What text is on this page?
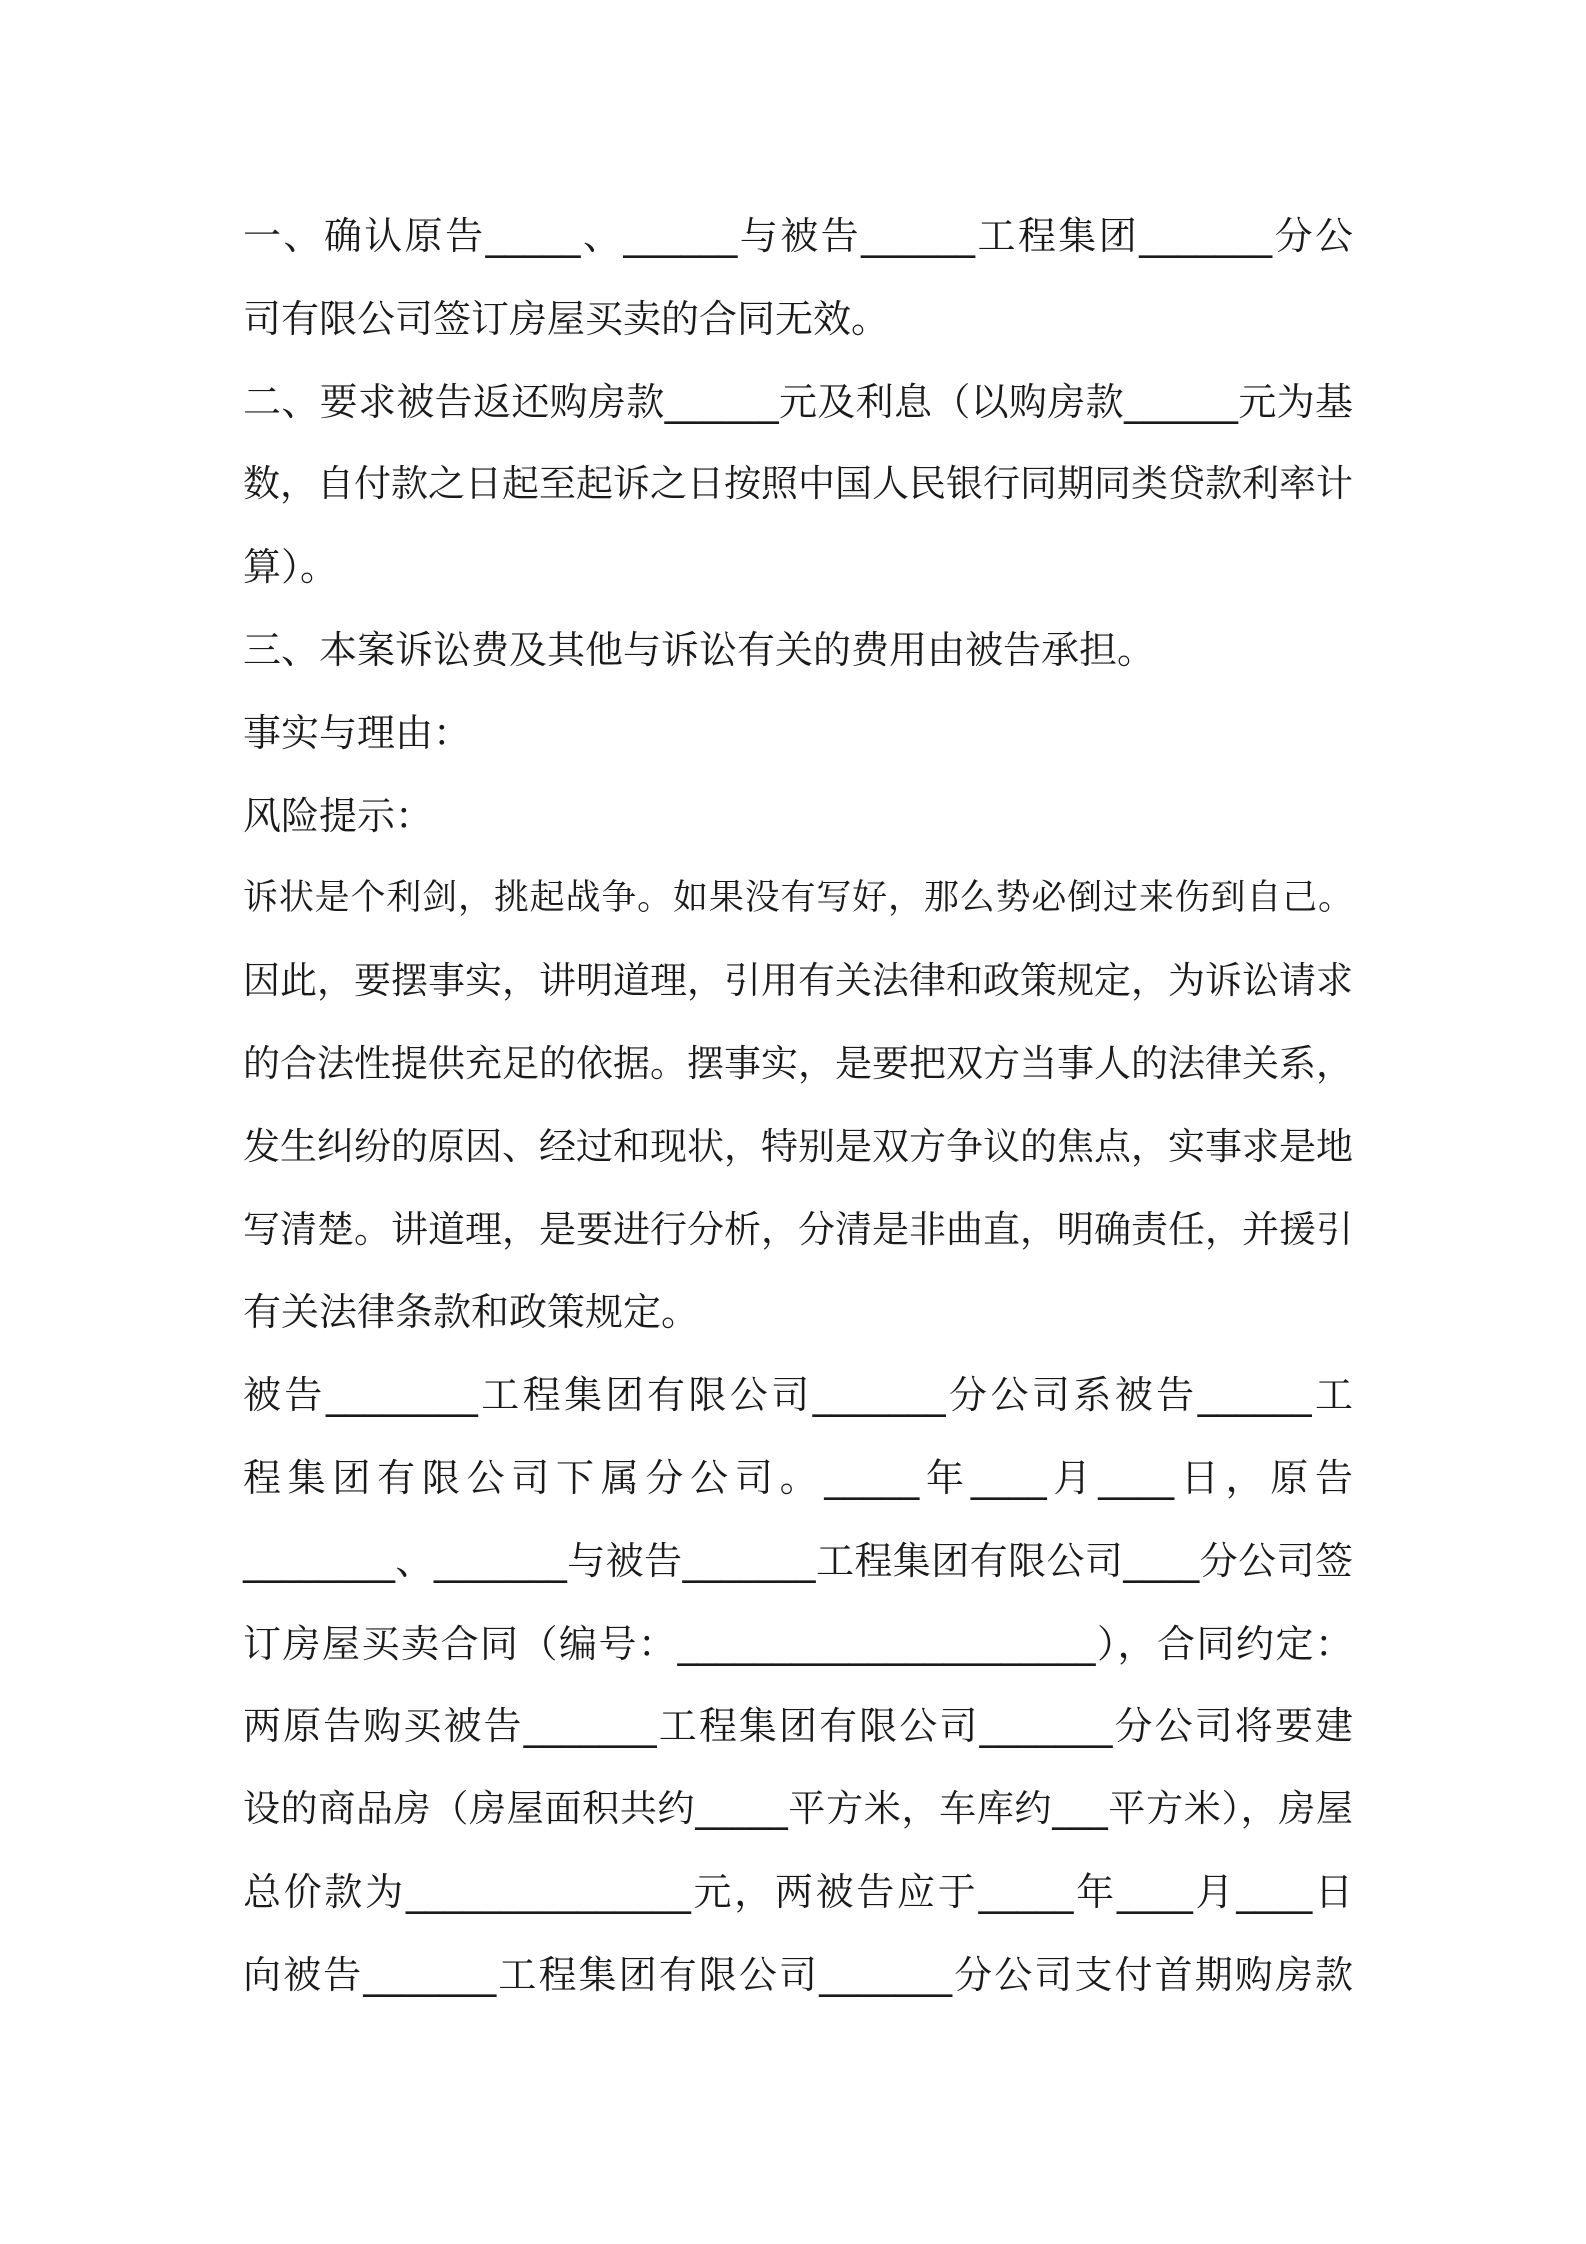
一、确认原告_____、______与被告______工程集团_______分公
司有限公司签订房屋买卖的合同无效。
二、要求被告返还购房款______元及利息（以购房款______元为基
数，自付款之日起至起诉之日按照中国人民银行同期同类贷款利率计
算）。
三、本案诉讼费及其他与诉讼有关的费用由被告承担。
事实与理由：
风险提示：
诉状是个利剑，挑起战争。如果没有写好，那么势必倒过来伤到自己。
因此，要摆事实，讲明道理，引用有关法律和政策规定，为诉讼请求
的合法性提供充足的依据。摆事实，是要把双方当事人的法律关系，
发生纠纷的原因、经过和现状，特别是双方争议的焦点，实事求是地
写清楚。讲道理，是要进行分析，分清是非曲直，明确责任，并援引
有关法律条款和政策规定。
被告________工程集团有限公司_______分公司系被告______工
程集团有限公司下属分公司。_____年____月____日，原告
________、_______与被告_______工程集团有限公司____分公司签
订房屋买卖合同（编号：______________________），合同约定：
两原告购买被告_______工程集团有限公司_______分公司将要建
设的商品房（房屋面积共约_____平方米，车库约___平方米），房屋
总价款为_______________元，两被告应于_____年____月____日
向被告_______工程集团有限公司_______分公司支付首期购房款
